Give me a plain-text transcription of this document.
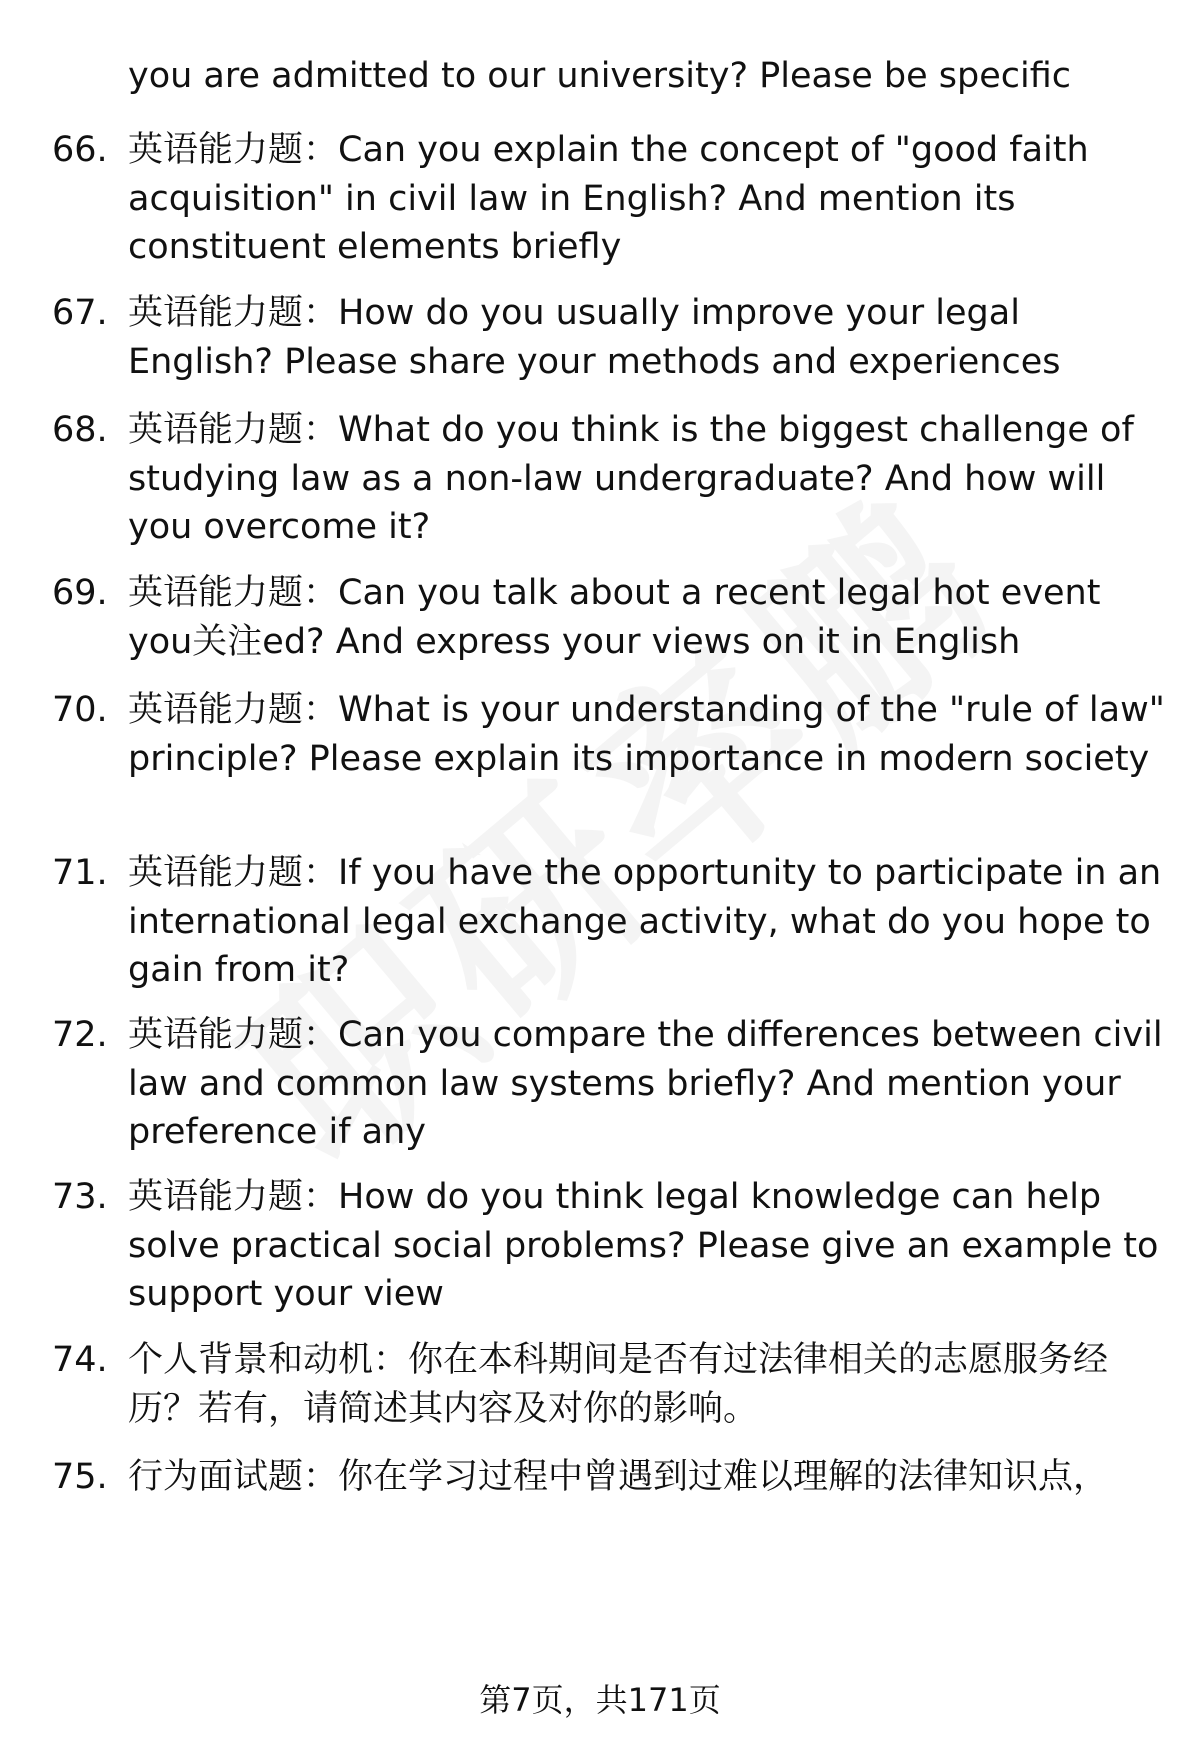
you are admitted to our university? Please be specific
66. 英语能力题：Can you explain the concept of "good faith acquisition" in civil law in English? And mention its constituent elements briefly
67. 英语能力题：How do you usually improve your legal English? Please share your methods and experiences
68. 英语能力题：What do you think is the biggest challenge of studying law as a non-law undergraduate? And how will you overcome it?
69. 英语能力题：Can you talk about a recent legal hot event you关注ed? And express your views on it in English
70. 英语能力题：What is your understanding of the "rule of law" principle? Please explain its importance in modern society
71. 英语能力题：If you have the opportunity to participate in an international legal exchange activity, what do you hope to gain from it?
72. 英语能力题：Can you compare the differences between civil law and common law systems briefly? And mention your preference if any
73. 英语能力题：How do you think legal knowledge can help solve practical social problems? Please give an example to support your view
74. 个人背景和动机：你在本科期间是否有过法律相关的志愿服务经历？若有，请简述其内容及对你的影响。
75. 行为面试题：你在学习过程中曾遇到过难以理解的法律知识点，
第7页，共171页
